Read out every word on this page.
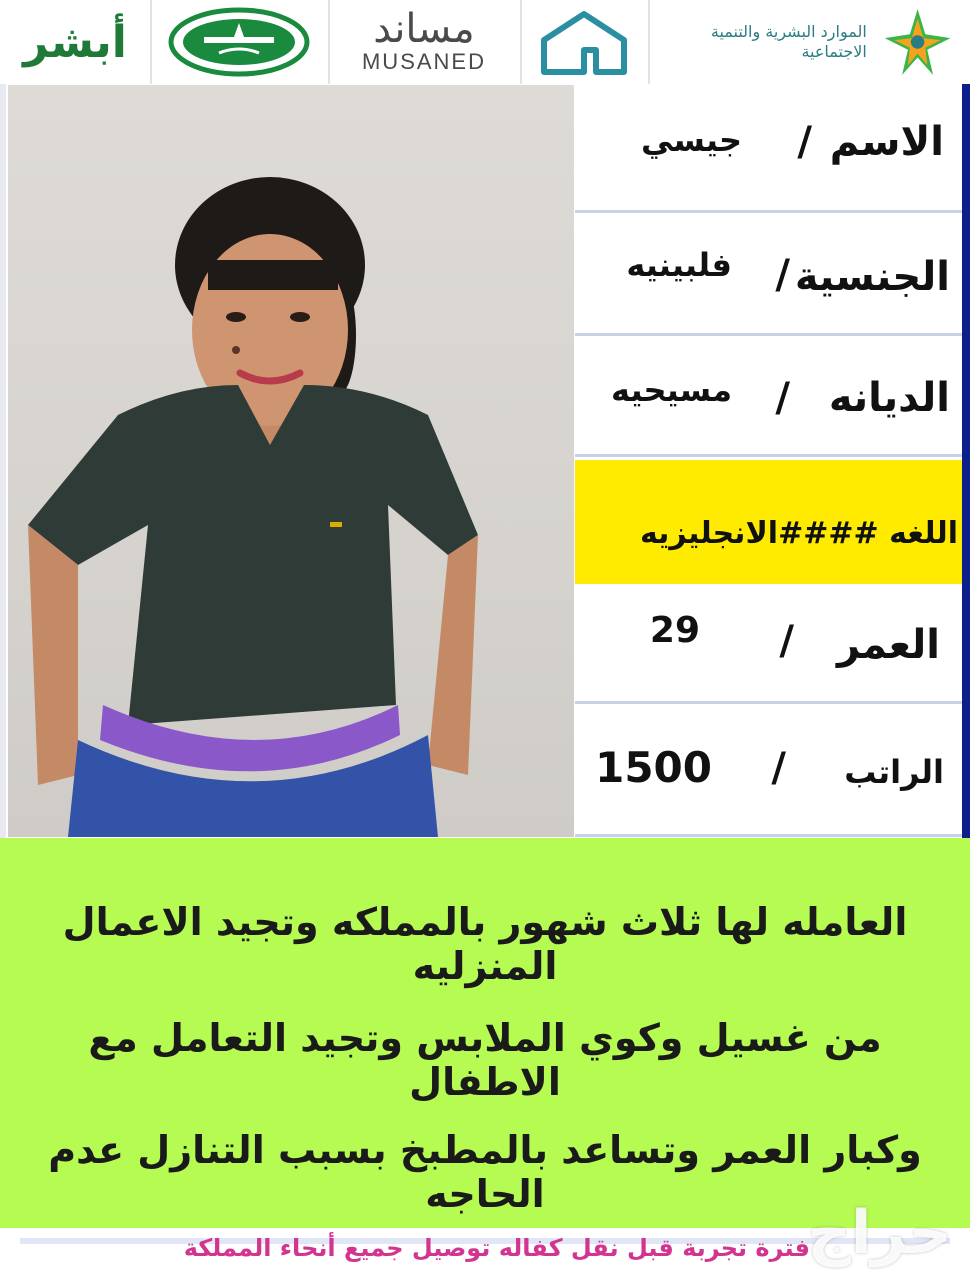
أبشر	مساند
MUSANED
الموارد البشرية والتنمية الاجتماعية
الاسم
/
جيسي
الجنسية
/
فلبينيه
الديانه
/
مسيحيه
اللغه ####الانجليزيه
العمر
/
29
الراتب
/
1500
العامله لها ثلاث شهور بالمملكه وتجيد الاعمال المنزليه
من غسيل وكوي الملابس وتجيد التعامل مع الاطفال
وكبار العمر وتساعد بالمطبخ بسبب التنازل عدم الحاجه
فترة تجربة قبل نقل كفاله توصيل جميع أنحاء المملكة
حراج
